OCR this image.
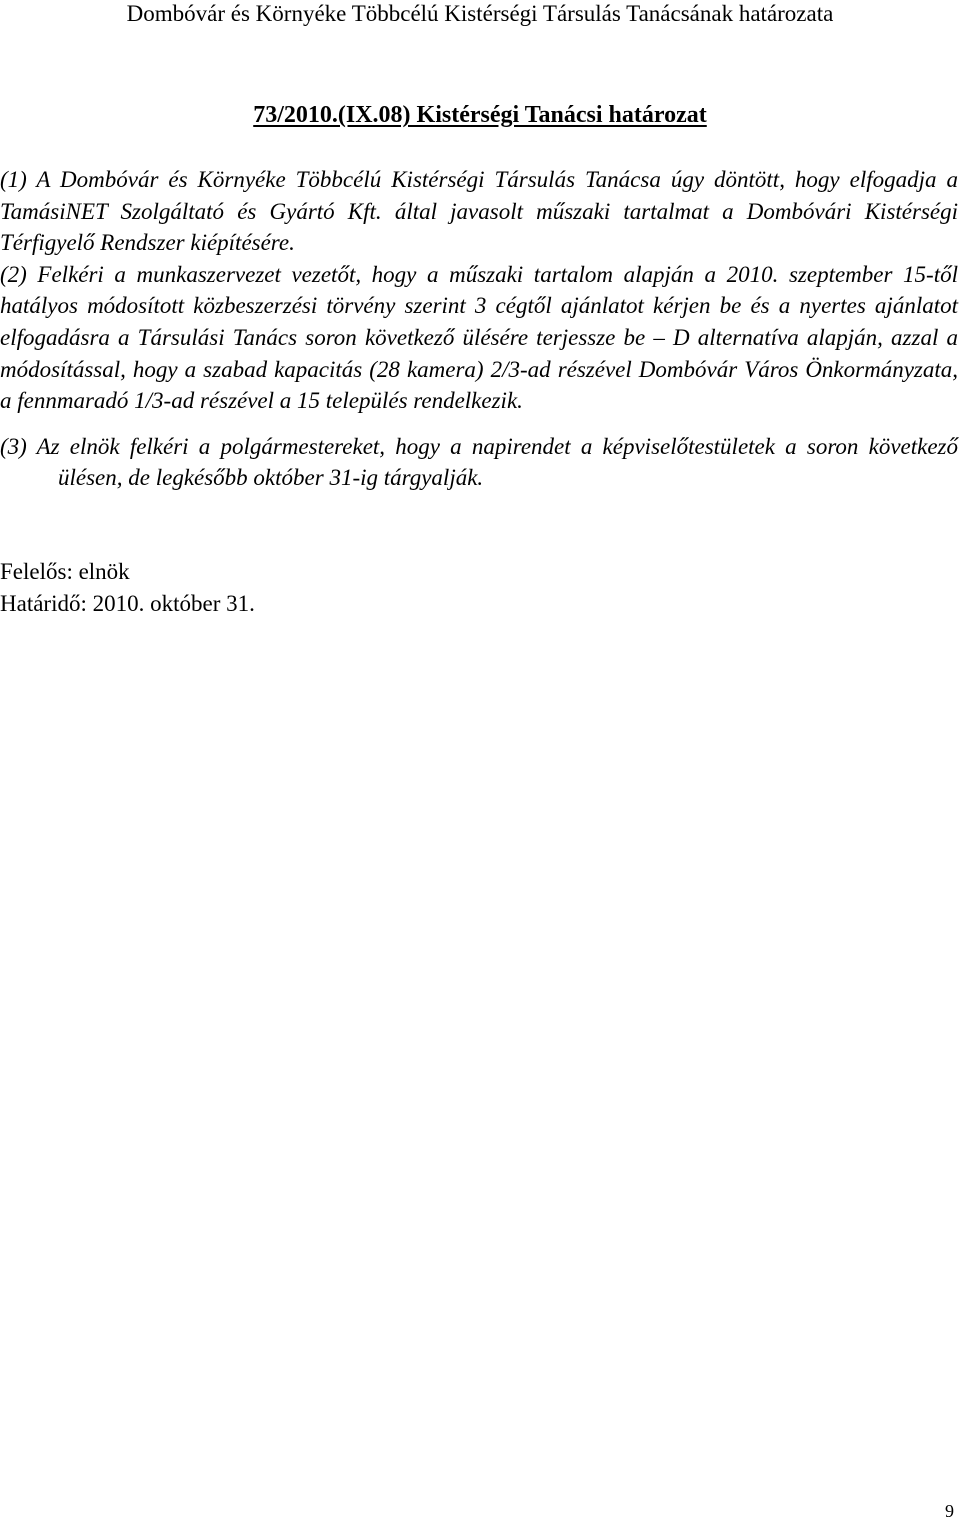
Dombóvár és Környéke Többcélú Kistérségi Társulás Tanácsának határozata
73/2010.(IX.08) Kistérségi Tanácsi határozat

(1) A Dombóvár és Környéke Többcélú Kistérségi Társulás Tanácsa úgy döntött, hogy elfogadja a TamásiNET Szolgáltató és Gyártó Kft. által javasolt műszaki tartalmat a Dombóvári Kistérségi Térfigyelő Rendszer kiépítésére.

(2) Felkéri a munkaszervezet vezetőt, hogy a műszaki tartalom alapján a 2010. szeptember 15-től hatályos módosított közbeszerzési törvény szerint 3 cégtől ajánlatot kérjen be és a nyertes ajánlatot elfogadásra a Társulási Tanács soron következő ülésére terjessze be – D alternatíva alapján, azzal a módosítással, hogy a szabad kapacitás (28 kamera) 2/3-ad részével Dombóvár Város Önkormányzata, a fennmaradó 1/3-ad részével a 15 település rendelkezik.

(3) Az elnök felkéri a polgármestereket, hogy a napirendet a képviselőtestületek a soron következő ülésen, de legkésőbb október 31-ig tárgyalják.

Felelős: elnök
Határidő: 2010. október 31.
9
